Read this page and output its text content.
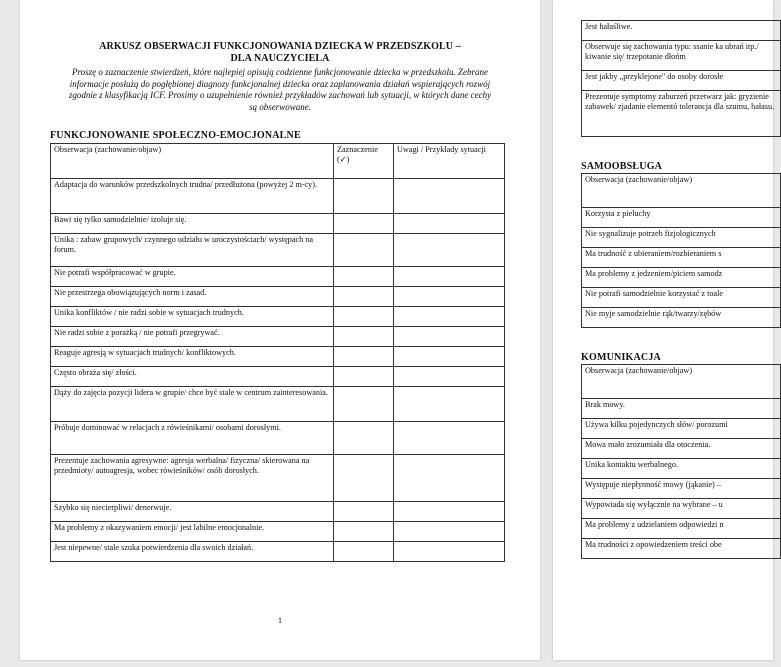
ARKUSZ OBSERWACJI FUNKCJONOWANIA DZIECKA W PRZEDSZKOLU –
DLA NAUCZYCIELA
Proszę o zaznaczenie stwierdzeń, które najlepiej opisują codzienne funkcjonowanie dziecka w przedszkolu. Zebrane informacje posłużą do pogłębionej diagnozy funkcjonalnej dziecka oraz zaplanowania działań wspierających rozwój zgodnie z klasyfikacją ICF. Prosimy o uzupełnienie również przykładów zachowań lub sytuacji, w których dane cechy są obserwowane.
FUNKCJONOWANIE SPOŁECZNO-EMOCJONALNE
Obserwacja (zachowanie/objaw)	Zaznaczenie (✓)	Uwagi / Przykłady sytuacji
Adaptacja do warunków przedszkolnych trudna/ przedłużona (powyżej 2 m-cy).		
Bawi się tylko samodzielnie/ izoluje się.		
Unika : zabaw grupowych/ czynnego udziału w uroczystościach/ występach na forum.		
Nie potrafi współpracować w grupie.		
Nie przestrzega obowiązujących norm i zasad.		
Unika konfliktów / nie radzi sobie w sytuacjach trudnych.		
Nie radzi sobie z porażką / nie potrafi przegrywać.		
Reaguje agresją w sytuacjach trudnych/ konfliktowych.		
Często obraża się/ złości.		
Dąży do zajęcia pozycji lidera w grupie/ chce być stale w centrum zainteresowania.		
Próbuje dominować w relacjach z rówieśnikami/ osobami dorosłymi.		
Prezentuje zachowania agresywne: agresja werbalna/ fizyczna/ skierowana na przedmioty/ autoagresja, wobec rówieśników/ osób dorosłych.		
Szybko się niecierpliwi/ denerwuje.		
Ma problemy z okazywaniem emocji/ jest labilne emocjonalnie.		
Jest niepewne/ stale szuka potwierdzenia dla swoich działań.		
1
Jest hałaśliwe.
Obserwuje się zachowania typu: ssanie ka ubrań itp./ kiwanie się/ trzepotanie dłońm
Jest jakby „przyklejone" do osoby dorosłe
Prezentuje symptomy zaburzeń przetwarz jak: gryzienie zabawek/ zjadanie elementó tolerancja dla szumu, hałasu.
SAMOOBSŁUGA
Obserwacja (zachowanie/objaw)
Korzysta z pieluchy
Nie sygnalizuje potrzeb fizjologicznych
Ma trudność z ubieraniem/rozbieraniem s
Ma problemy z jedzeniem/piciem samodz
Nie potrafi samodzielnie korzystać z toale
Nie myje samodzielnie rąk/twarzy/zębów
KOMUNIKACJA
Obserwacja (zachowanie/objaw)
Brak mowy.
Używa kilku pojedynczych słów/ porozumi
Mowa mało zrozumiała dla otoczenia.
Unika kontaktu werbalnego.
Występuje niepłynność mowy (jąkanie) –
Wypowiada się wyłącznie na wybrane – u
Ma problemy z udzielaniem odpowiedzi n
Ma trudności z opowiedzeniem treści obe
